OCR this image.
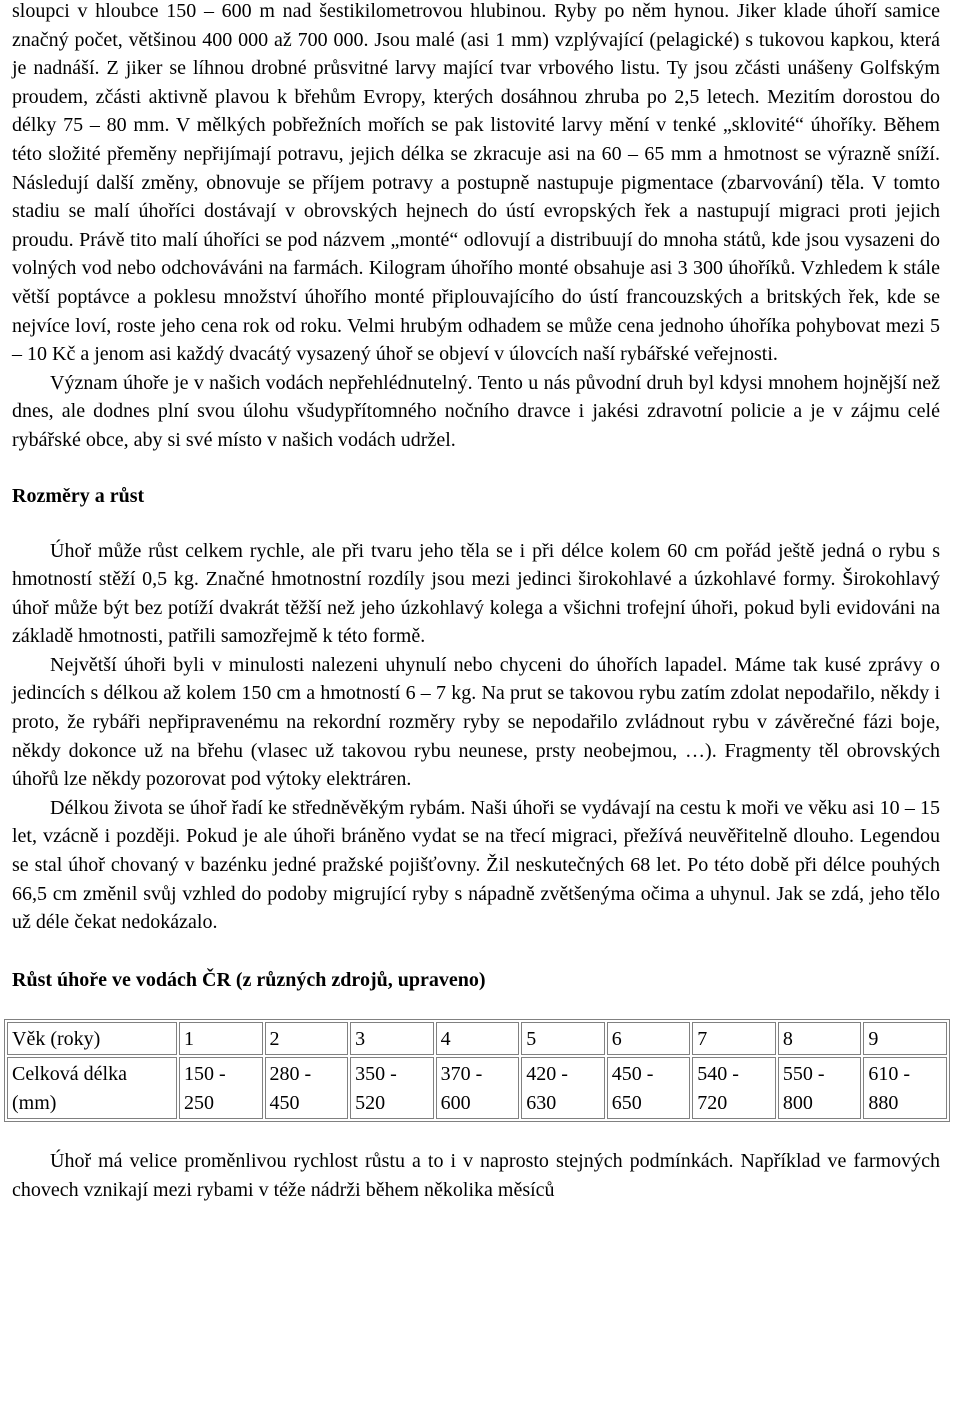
sloupci v hloubce 150 – 600 m nad šestikilometrovou hlubinou. Ryby po něm hynou. Jiker klade úhoří samice značný počet, většinou 400 000 až 700 000. Jsou malé (asi 1 mm) vzplývající (pelagické) s tukovou kapkou, která je nadnáší. Z jiker se líhnou drobné průsvitné larvy mající tvar vrbového listu. Ty jsou zčásti unášeny Golfským proudem, zčásti aktivně plavou k břehům Evropy, kterých dosáhnou zhruba po 2,5 letech. Mezitím dorostou do délky 75 – 80 mm. V mělkých pobřežních mořích se pak listovité larvy mění v tenké „sklovité“ úhoříky. Během této složité přeměny nepřijímají potravu, jejich délka se zkracuje asi na 60 – 65 mm a hmotnost se výrazně sníží. Následují další změny, obnovuje se příjem potravy a postupně nastupuje pigmentace (zbarvování) těla. V tomto stadiu se malí úhoříci dostávají v obrovských hejnech do ústí evropských řek a nastupují migraci proti jejich proudu. Právě tito malí úhoříci se pod názvem „monté“ odlovují a distribuují do mnoha států, kde jsou vysazeni do volných vod nebo odchováváni na farmách. Kilogram úhořího monté obsahuje asi 3 300 úhoříků. Vzhledem k stále větší poptávce a poklesu množství úhořího monté připlouvajícího do ústí francouzských a britských řek, kde se nejvíce loví, roste jeho cena rok od roku. Velmi hrubým odhadem se může cena jednoho úhoříka pohybovat mezi 5 – 10 Kč a jenom asi každý dvacátý vysazený úhoř se objeví v úlovcích naší rybářské veřejnosti.

Význam úhoře je v našich vodách nepřehlédnutelný. Tento u nás původní druh byl kdysi mnohem hojnější než dnes, ale dodnes plní svou úlohu všudypřítomného nočního dravce i jakési zdravotní policie a je v zájmu celé rybářské obce, aby si své místo v našich vodách udržel.

Rozměry a růst

Úhoř může růst celkem rychle, ale při tvaru jeho těla se i při délce kolem 60 cm pořád ještě jedná o rybu s hmotností stěží 0,5 kg. Značné hmotnostní rozdíly jsou mezi jedinci širokohlavé a úzkohlavé formy. Širokohlavý úhoř může být bez potíží dvakrát těžší než jeho úzkohlavý kolega a všichni trofejní úhoři, pokud byli evidováni na základě hmotnosti, patřili samozřejmě k této formě.

Největší úhoři byli v minulosti nalezeni uhynulí nebo chyceni do úhořích lapadel. Máme tak kusé zprávy o jedincích s délkou až kolem 150 cm a hmotností 6 – 7 kg. Na prut se takovou rybu zatím zdolat nepodařilo, někdy i proto, že rybáři nepřipravenému na rekordní rozměry ryby se nepodařilo zvládnout rybu v závěrečné fázi boje, někdy dokonce už na břehu (vlasec už takovou rybu neunese, prsty neobejmou, …). Fragmenty těl obrovských úhořů lze někdy pozorovat pod výtoky elektráren.

Délkou života se úhoř řadí ke středněvěkým rybám. Naši úhoři se vydávají na cestu k moři ve věku asi 10 – 15 let, vzácně i později. Pokud je ale úhoři bráněno vydat se na třecí migraci, přežívá neuvěřitelně dlouho. Legendou se stal úhoř chovaný v bazénku jedné pražské pojišťovny. Žil neskutečných 68 let. Po této době při délce pouhých 66,5 cm změnil svůj vzhled do podoby migrující ryby s nápadně zvětšenýma očima a uhynul. Jak se zdá, jeho tělo už déle čekat nedokázalo.

Růst úhoře ve vodách ČR (z různých zdrojů, upraveno)
Věk (roky)	1	2	3	4	5	6	7	8	9
Celková délka (mm)	150 - 250	280 - 450	350 - 520	370 - 600	420 - 630	450 - 650	540 - 720	550 - 800	610 - 880

Úhoř má velice proměnlivou rychlost růstu a to i v naprosto stejných podmínkách. Například ve farmových chovech vznikají mezi rybami v téže nádrži během několika měsíců
